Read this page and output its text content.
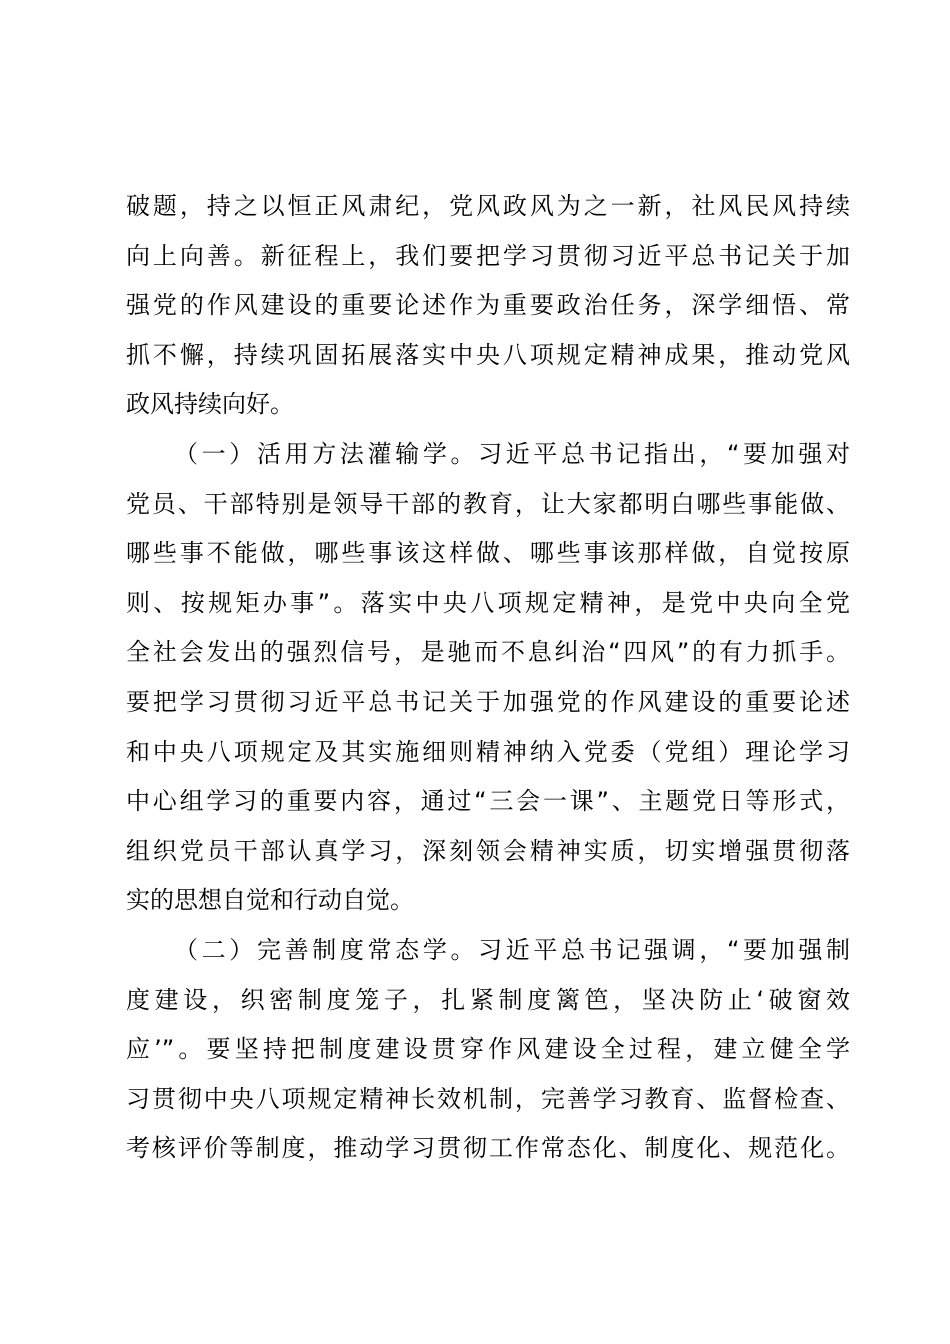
破题，持之以恒正风肃纪，党风政风为之一新，社风民风持续
向上向善。新征程上，我们要把学习贯彻习近平总书记关于加
强党的作风建设的重要论述作为重要政治任务，深学细悟、常
抓不懈，持续巩固拓展落实中央八项规定精神成果，推动党风
政风持续向好。
（一）活用方法灌输学。习近平总书记指出，“要加强对
党员、干部特别是领导干部的教育，让大家都明白哪些事能做、
哪些事不能做，哪些事该这样做、哪些事该那样做，自觉按原
则、按规矩办事”。落实中央八项规定精神，是党中央向全党
全社会发出的强烈信号，是驰而不息纠治“四风”的有力抓手。
要把学习贯彻习近平总书记关于加强党的作风建设的重要论述
和中央八项规定及其实施细则精神纳入党委（党组）理论学习
中心组学习的重要内容，通过“三会一课”、主题党日等形式，
组织党员干部认真学习，深刻领会精神实质，切实增强贯彻落
实的思想自觉和行动自觉。
（二）完善制度常态学。习近平总书记强调，“要加强制
度建设，织密制度笼子，扎紧制度篱笆，坚决防止‘破窗效
应’”。要坚持把制度建设贯穿作风建设全过程，建立健全学
习贯彻中央八项规定精神长效机制，完善学习教育、监督检查、
考核评价等制度，推动学习贯彻工作常态化、制度化、规范化。
